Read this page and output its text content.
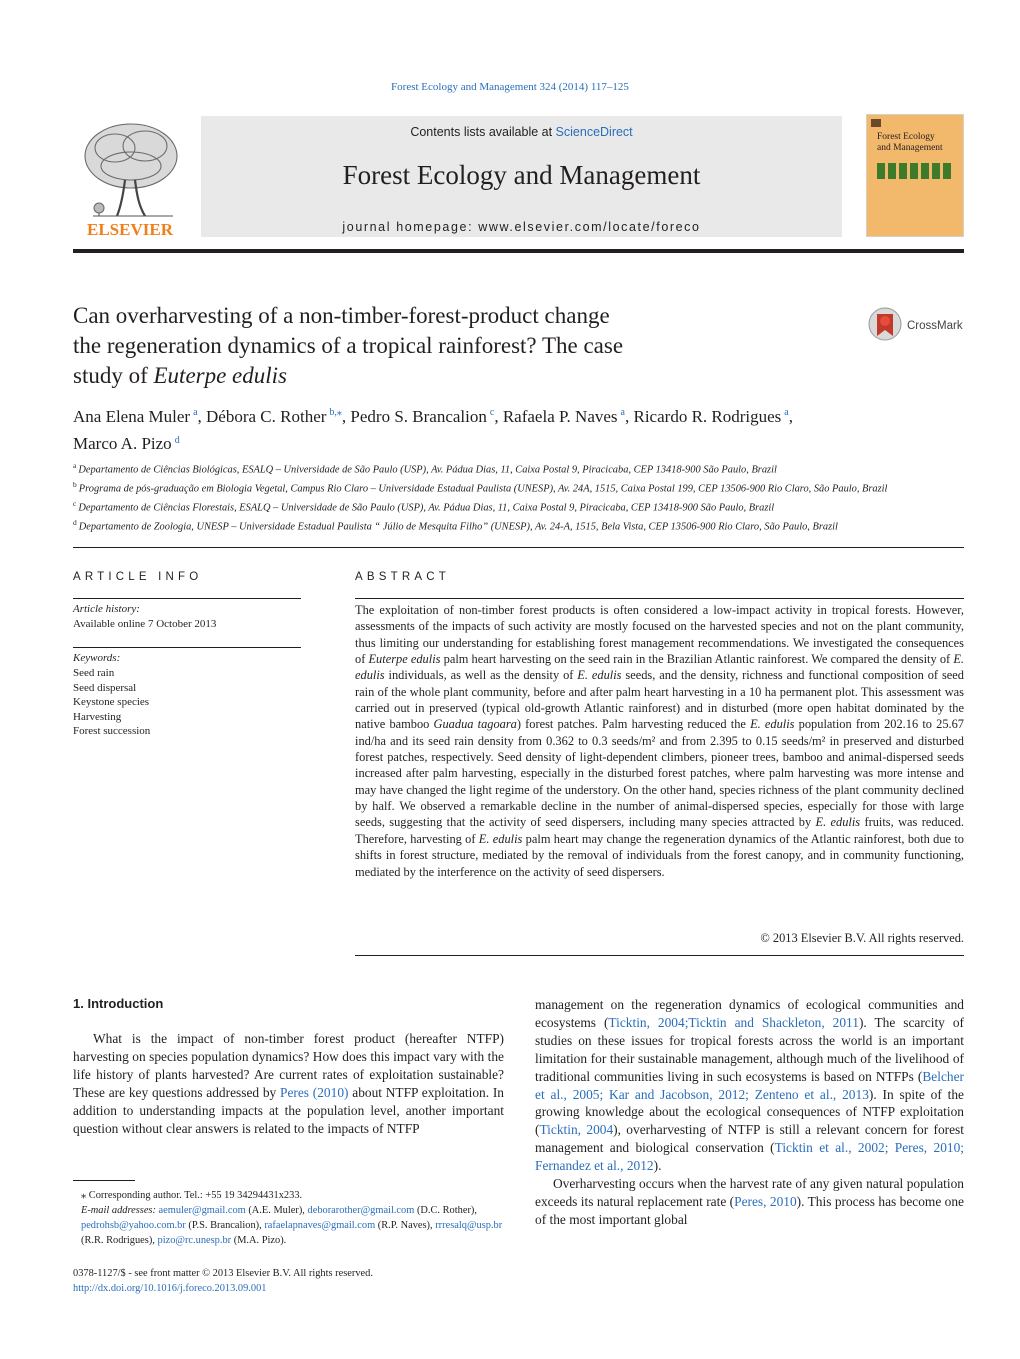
Forest Ecology and Management 324 (2014) 117–125
ELSEVIER
Contents lists available at ScienceDirect
Forest Ecology and Management
journal homepage: www.elsevier.com/locate/foreco
Forest Ecology
and Management
Can overharvesting of a non-timber-forest-product change
the regeneration dynamics of a tropical rainforest? The case
study of Euterpe edulis
CrossMark
Ana Elena Muler $^a$, Débora C. Rother $^{b,⁎}$, Pedro S. Brancalion $^c$, Rafaela P. Naves $^a$, Ricardo R. Rodrigues $^a$,
Marco A. Pizo $^d$
$^a$ Departamento de Ciências Biológicas, ESALQ – Universidade de São Paulo (USP), Av. Pádua Dias, 11, Caixa Postal 9, Piracicaba, CEP 13418-900 São Paulo, Brazil
$^b$ Programa de pós-graduação em Biologia Vegetal, Campus Rio Claro – Universidade Estadual Paulista (UNESP), Av. 24A, 1515, Caixa Postal 199, CEP 13506-900 Rio Claro, São Paulo, Brazil
$^c$ Departamento de Ciências Florestais, ESALQ – Universidade de São Paulo (USP), Av. Pádua Dias, 11, Caixa Postal 9, Piracicaba, CEP 13418-900 São Paulo, Brazil
$^d$ Departamento de Zoologia, UNESP – Universidade Estadual Paulista “ Júlio de Mesquita Filho” (UNESP), Av. 24-A, 1515, Bela Vista, CEP 13506-900 Rio Claro, São Paulo, Brazil
ARTICLE INFO
Article history:
Available online 7 October 2013
Keywords:
Seed rain
Seed dispersal
Keystone species
Harvesting
Forest succession
ABSTRACT
The exploitation of non-timber forest products is often considered a low-impact activity in tropical forests. However, assessments of the impacts of such activity are mostly focused on the harvested species and not on the plant community, thus limiting our understanding for establishing forest management recommendations. We investigated the consequences of Euterpe edulis palm heart harvesting on the seed rain in the Brazilian Atlantic rainforest. We compared the density of E. edulis individuals, as well as the density of E. edulis seeds, and the density, richness and functional composition of seed rain of the whole plant community, before and after palm heart harvesting in a 10 ha permanent plot. This assessment was carried out in preserved (typical old-growth Atlantic rainforest) and in disturbed (more open habitat dominated by the native bamboo Guadua tagoara) forest patches. Palm harvesting reduced the E. edulis population from 202.16 to 25.67 ind/ha and its seed rain density from 0.362 to 0.3 seeds/m² and from 2.395 to 0.15 seeds/m² in preserved and disturbed forest patches, respectively. Seed density of light-dependent climbers, pioneer trees, bamboo and animal-dispersed seeds increased after palm harvesting, especially in the disturbed forest patches, where palm harvesting was more intense and may have changed the light regime of the understory. On the other hand, species richness of the plant community declined by half. We observed a remarkable decline in the number of animal-dispersed species, especially for those with large seeds, suggesting that the activity of seed dispersers, including many species attracted by E. edulis fruits, was reduced. Therefore, harvesting of E. edulis palm heart may change the regeneration dynamics of the Atlantic rainforest, both due to shifts in forest structure, mediated by the removal of individuals from the forest canopy, and in community functioning, mediated by the interference on the activity of seed dispersers.
© 2013 Elsevier B.V. All rights reserved.
1. Introduction
What is the impact of non-timber forest product (hereafter NTFP) harvesting on species population dynamics? How does this impact vary with the life history of plants harvested? Are current rates of exploitation sustainable? These are key questions addressed by Peres (2010) about NTFP exploitation. In addition to understanding impacts at the population level, another important question without clear answers is related to the impacts of NTFP

management on the regeneration dynamics of ecological communities and ecosystems (Ticktin, 2004;Ticktin and Shackleton, 2011). The scarcity of studies on these issues for tropical forests across the world is an important limitation for their sustainable management, although much of the livelihood of traditional communities living in such ecosystems is based on NTFPs (Belcher et al., 2005; Kar and Jacobson, 2012; Zenteno et al., 2013). In spite of the growing knowledge about the ecological consequences of NTFP exploitation (Ticktin, 2004), overharvesting of NTFP is still a relevant concern for forest management and biological conservation (Ticktin et al., 2002; Peres, 2010; Fernandez et al., 2012).

Overharvesting occurs when the harvest rate of any given natural population exceeds its natural replacement rate (Peres, 2010). This process has become one of the most important global

⁎ Corresponding author. Tel.: +55 19 34294431x233.
E-mail addresses: aemuler@gmail.com (A.E. Muler), deborarother@gmail.com (D.C. Rother), pedrohsb@yahoo.com.br (P.S. Brancalion), rafaelapnaves@gmail.com (R.P. Naves), rrresalq@usp.br (R.R. Rodrigues), pizo@rc.unesp.br (M.A. Pizo).
0378-1127/$ - see front matter © 2013 Elsevier B.V. All rights reserved.
http://dx.doi.org/10.1016/j.foreco.2013.09.001
